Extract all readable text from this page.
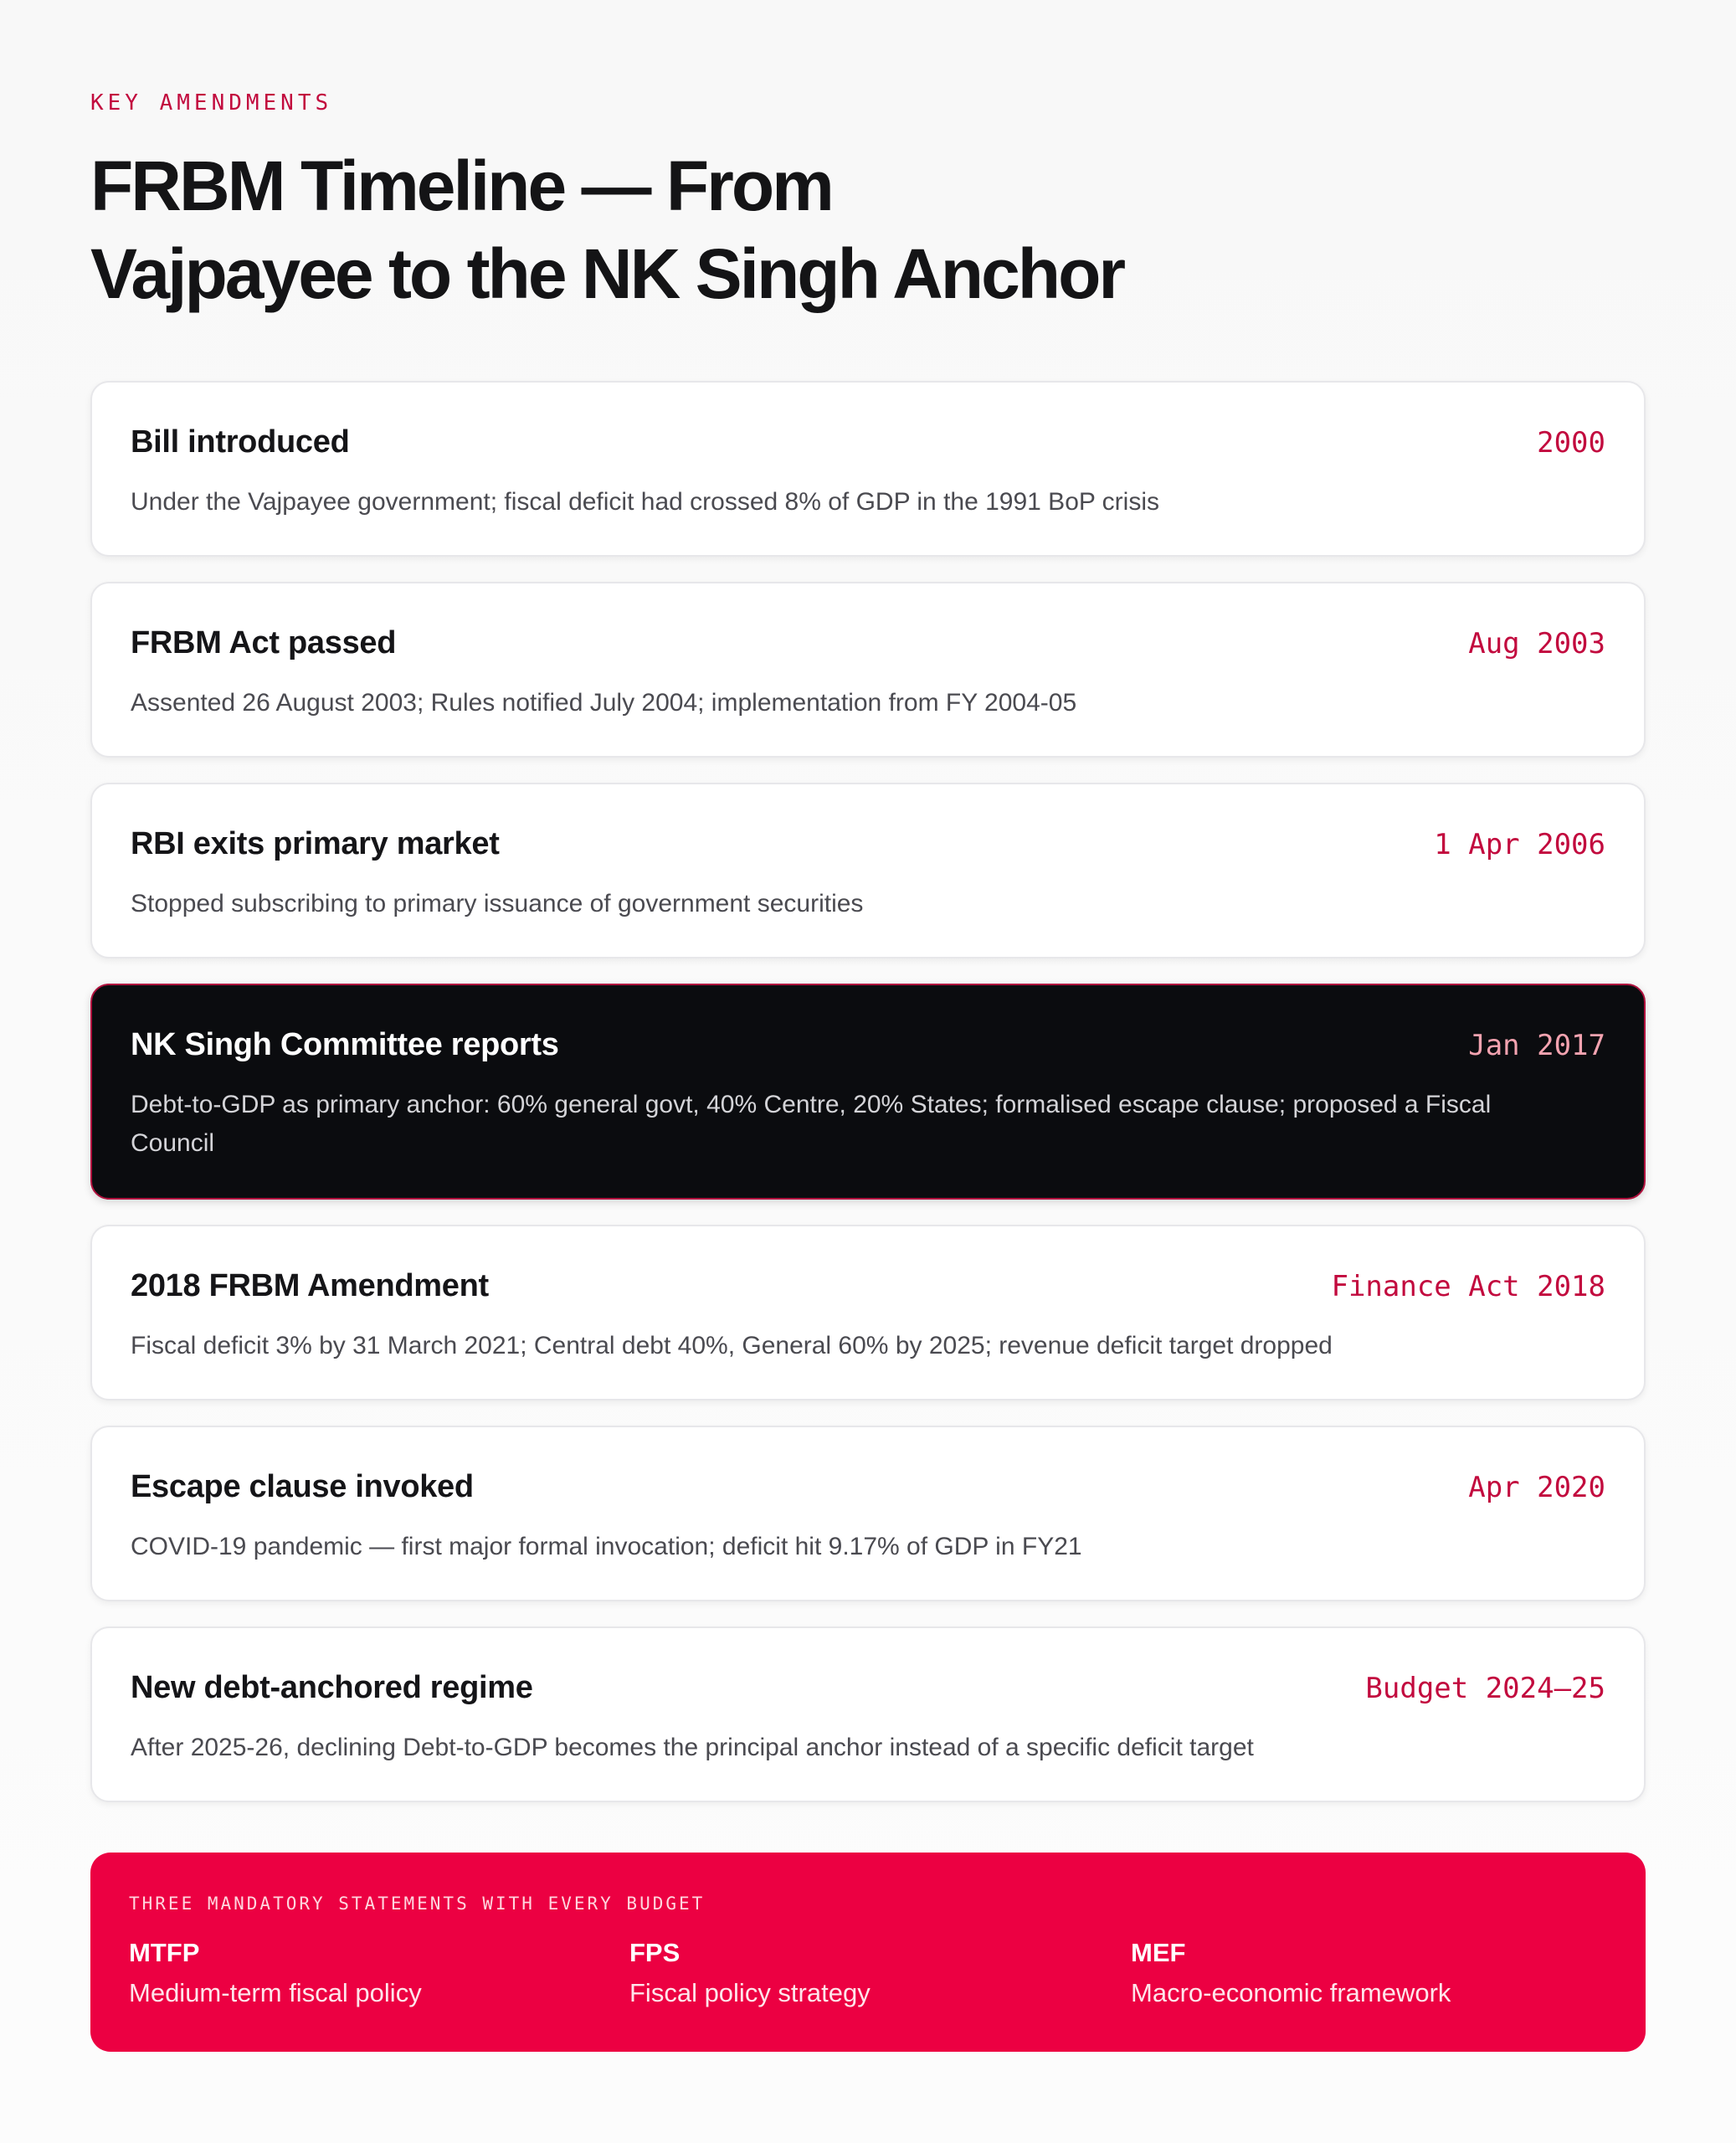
KEY AMENDMENTS
FRBM Timeline — From
Vajpayee to the NK Singh Anchor
Bill introduced	2000
Under the Vajpayee government; fiscal deficit had crossed 8% of GDP in the 1991 BoP crisis
FRBM Act passed	Aug 2003
Assented 26 August 2003; Rules notified July 2004; implementation from FY 2004-05
RBI exits primary market	1 Apr 2006
Stopped subscribing to primary issuance of government securities
NK Singh Committee reports	Jan 2017
Debt-to-GDP as primary anchor: 60% general govt, 40% Centre, 20% States; formalised escape clause; proposed a Fiscal Council
2018 FRBM Amendment	Finance Act 2018
Fiscal deficit 3% by 31 March 2021; Central debt 40%, General 60% by 2025; revenue deficit target dropped
Escape clause invoked	Apr 2020
COVID-19 pandemic — first major formal invocation; deficit hit 9.17% of GDP in FY21
New debt-anchored regime	Budget 2024–25
After 2025-26, declining Debt-to-GDP becomes the principal anchor instead of a specific deficit target
THREE MANDATORY STATEMENTS WITH EVERY BUDGET
MTFP
Medium-term fiscal policy
FPS
Fiscal policy strategy
MEF
Macro-economic framework
